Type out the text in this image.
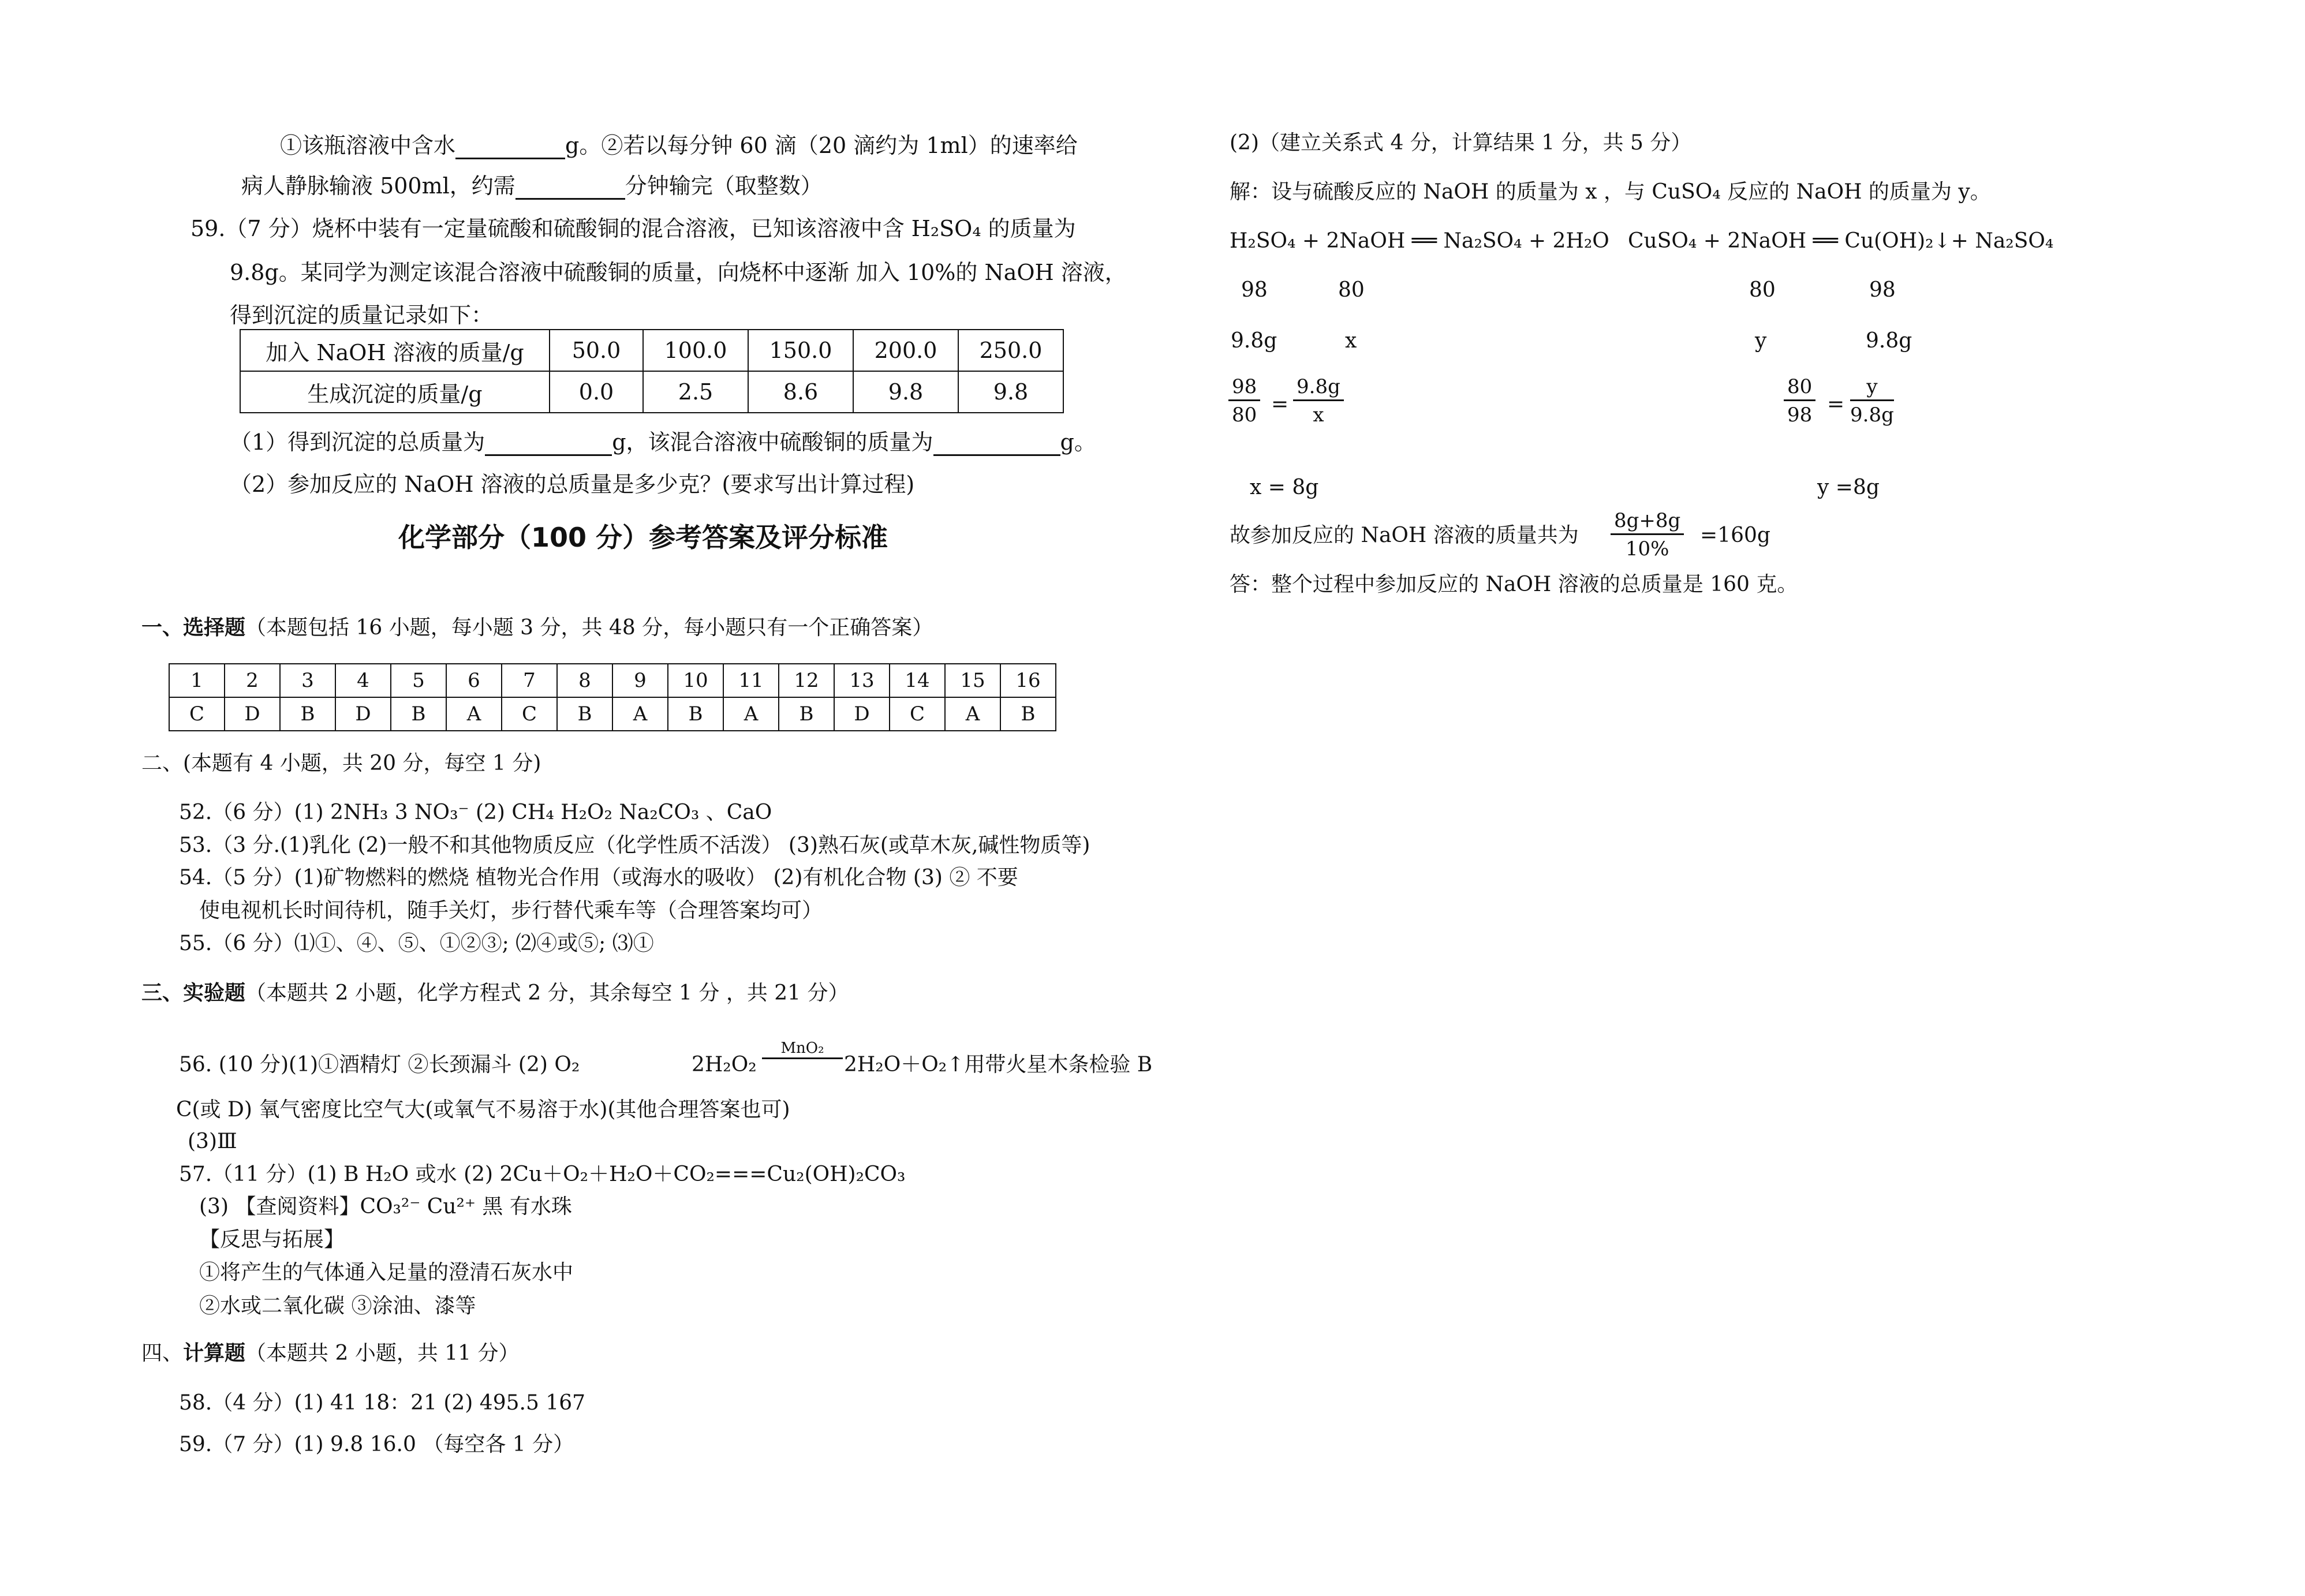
①该瓶溶液中含水	g。②若以每分钟 60 滴（20 滴约为 1ml）的速率给
病人静脉输液 500ml，约需	分钟输完（取整数）
59.（7 分）烧杯中装有一定量硫酸和硫酸铜的混合溶液，已知该溶液中含 H₂SO₄ 的质量为
9.8g。某同学为测定该混合溶液中硫酸铜的质量，向烧杯中逐渐 加入 10%的 NaOH 溶液，
得到沉淀的质量记录如下：
加入 NaOH 溶液的质量/g	50.0	100.0	150.0	200.0	250.0
生成沉淀的质量/g	0.0	2.5	8.6	9.8	9.8
（1）得到沉淀的总质量为	g，该混合溶液中硫酸铜的质量为	g。
（2）参加反应的 NaOH 溶液的总质量是多少克？(要求写出计算过程)
化学部分（100 分）参考答案及评分标准
一、选择题（本题包括 16 小题，每小题 3 分，共 48 分，每小题只有一个正确答案）
1	2	3	4	5	6	7	8	9	10	11	12	13	14	15	16
C	D	B	D	B	A	C	B	A	B	A	B	D	C	A	B
二、(本题有 4 小题，共 20 分，每空 1 分)
52.（6 分）(1) 2NH₃ 3 NO₃⁻ (2) CH₄ H₂O₂ Na₂CO₃ 、CaO
53.（3 分.(1)乳化 (2)一般不和其他物质反应（化学性质不活泼） (3)熟石灰(或草木灰,碱性物质等)
54.（5 分）(1)矿物燃料的燃烧 植物光合作用（或海水的吸收） (2)有机化合物 (3) ② 不要
使电视机长时间待机，随手关灯，步行替代乘车等（合理答案均可）
55.（6 分）⑴①、④、⑤、①②③; ⑵④或⑤; ⑶①
三、实验题（本题共 2 小题，化学方程式 2 分，其余每空 1 分 ，共 21 分）
56. (10 分)(1)①酒精灯 ②长颈漏斗 (2) O₂	2H₂O₂
MnO₂
2H₂O＋O₂↑用带火星木条检验 B
C(或 D) 氧气密度比空气大(或氧气不易溶于水)(其他合理答案也可)
(3)Ⅲ
57.（11 分）(1) B H₂O 或水 (2) 2Cu＋O₂＋H₂O＋CO₂===Cu₂(OH)₂CO₃
(3) 【查阅资料】CO₃²⁻ Cu²⁺ 黑 有水珠
【反思与拓展】
①将产生的气体通入足量的澄清石灰水中
②水或二氧化碳 ③涂油、漆等
四、计算题（本题共 2 小题，共 11 分）
58.（4 分）(1) 41 18：21 (2) 495.5 167
59.（7 分）(1) 9.8 16.0 （每空各 1 分）
(2)（建立关系式 4 分，计算结果 1 分，共 5 分）
解：设与硫酸反应的 NaOH 的质量为 x ，与 CuSO₄ 反应的 NaOH 的质量为 y。
H₂SO₄ + 2NaOH ══ Na₂SO₄ + 2H₂O CuSO₄ + 2NaOH ══ Cu(OH)₂↓+ Na₂SO₄
98	80	80	98
9.8g	x	y	9.8g
$\frac{98}{80} = \frac{9.8g}{x}$	$\frac{80}{98} = \frac{y}{9.8g}$
x = 8g	y =8g
故参加反应的 NaOH 溶液的质量共为 $\frac{8g+8g}{10\%} =160g$
答：整个过程中参加反应的 NaOH 溶液的总质量是 160 克。
